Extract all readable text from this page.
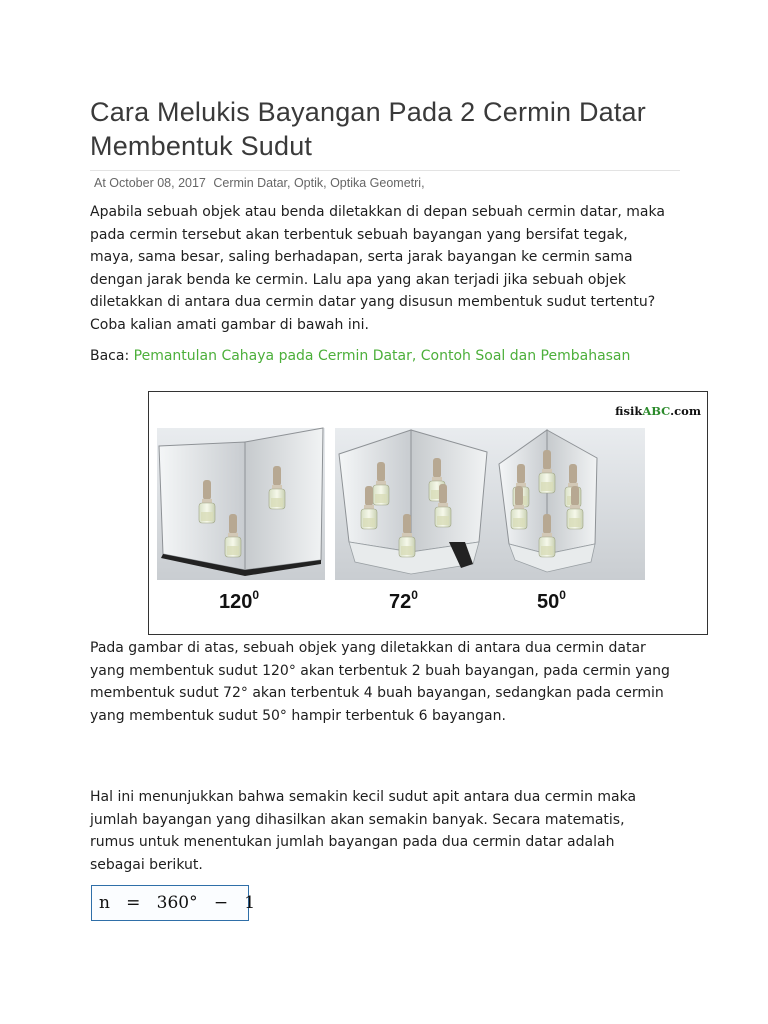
Cara Melukis Bayangan Pada 2 Cermin Datar Membentuk Sudut
At October 08, 2017 Cermin Datar, Optik, Optika Geometri,

Apabila sebuah objek atau benda diletakkan di depan sebuah cermin datar, maka pada cermin tersebut akan terbentuk sebuah bayangan yang bersifat tegak, maya, sama besar, saling berhadapan, serta jarak bayangan ke cermin sama dengan jarak benda ke cermin. Lalu apa yang akan terjadi jika sebuah objek diletakkan di antara dua cermin datar yang disusun membentuk sudut tertentu? Coba kalian amati gambar di bawah ini.

Baca: Pemantulan Cahaya pada Cermin Datar, Contoh Soal dan Pembahasan

fisikABC.com
$120^0$	$72^0$	$50^0$

Pada gambar di atas, sebuah objek yang diletakkan di antara dua cermin datar yang membentuk sudut 120° akan terbentuk 2 buah bayangan, pada cermin yang membentuk sudut 72° akan terbentuk 4 buah bayangan, sedangkan pada cermin yang membentuk sudut 50° hampir terbentuk 6 bayangan.

Hal ini menunjukkan bahwa semakin kecil sudut apit antara dua cermin maka jumlah bayangan yang dihasilkan akan semakin banyak. Secara matematis, rumus untuk menentukan jumlah bayangan pada dua cermin datar adalah sebagai berikut.

n
=
360°
−
1
